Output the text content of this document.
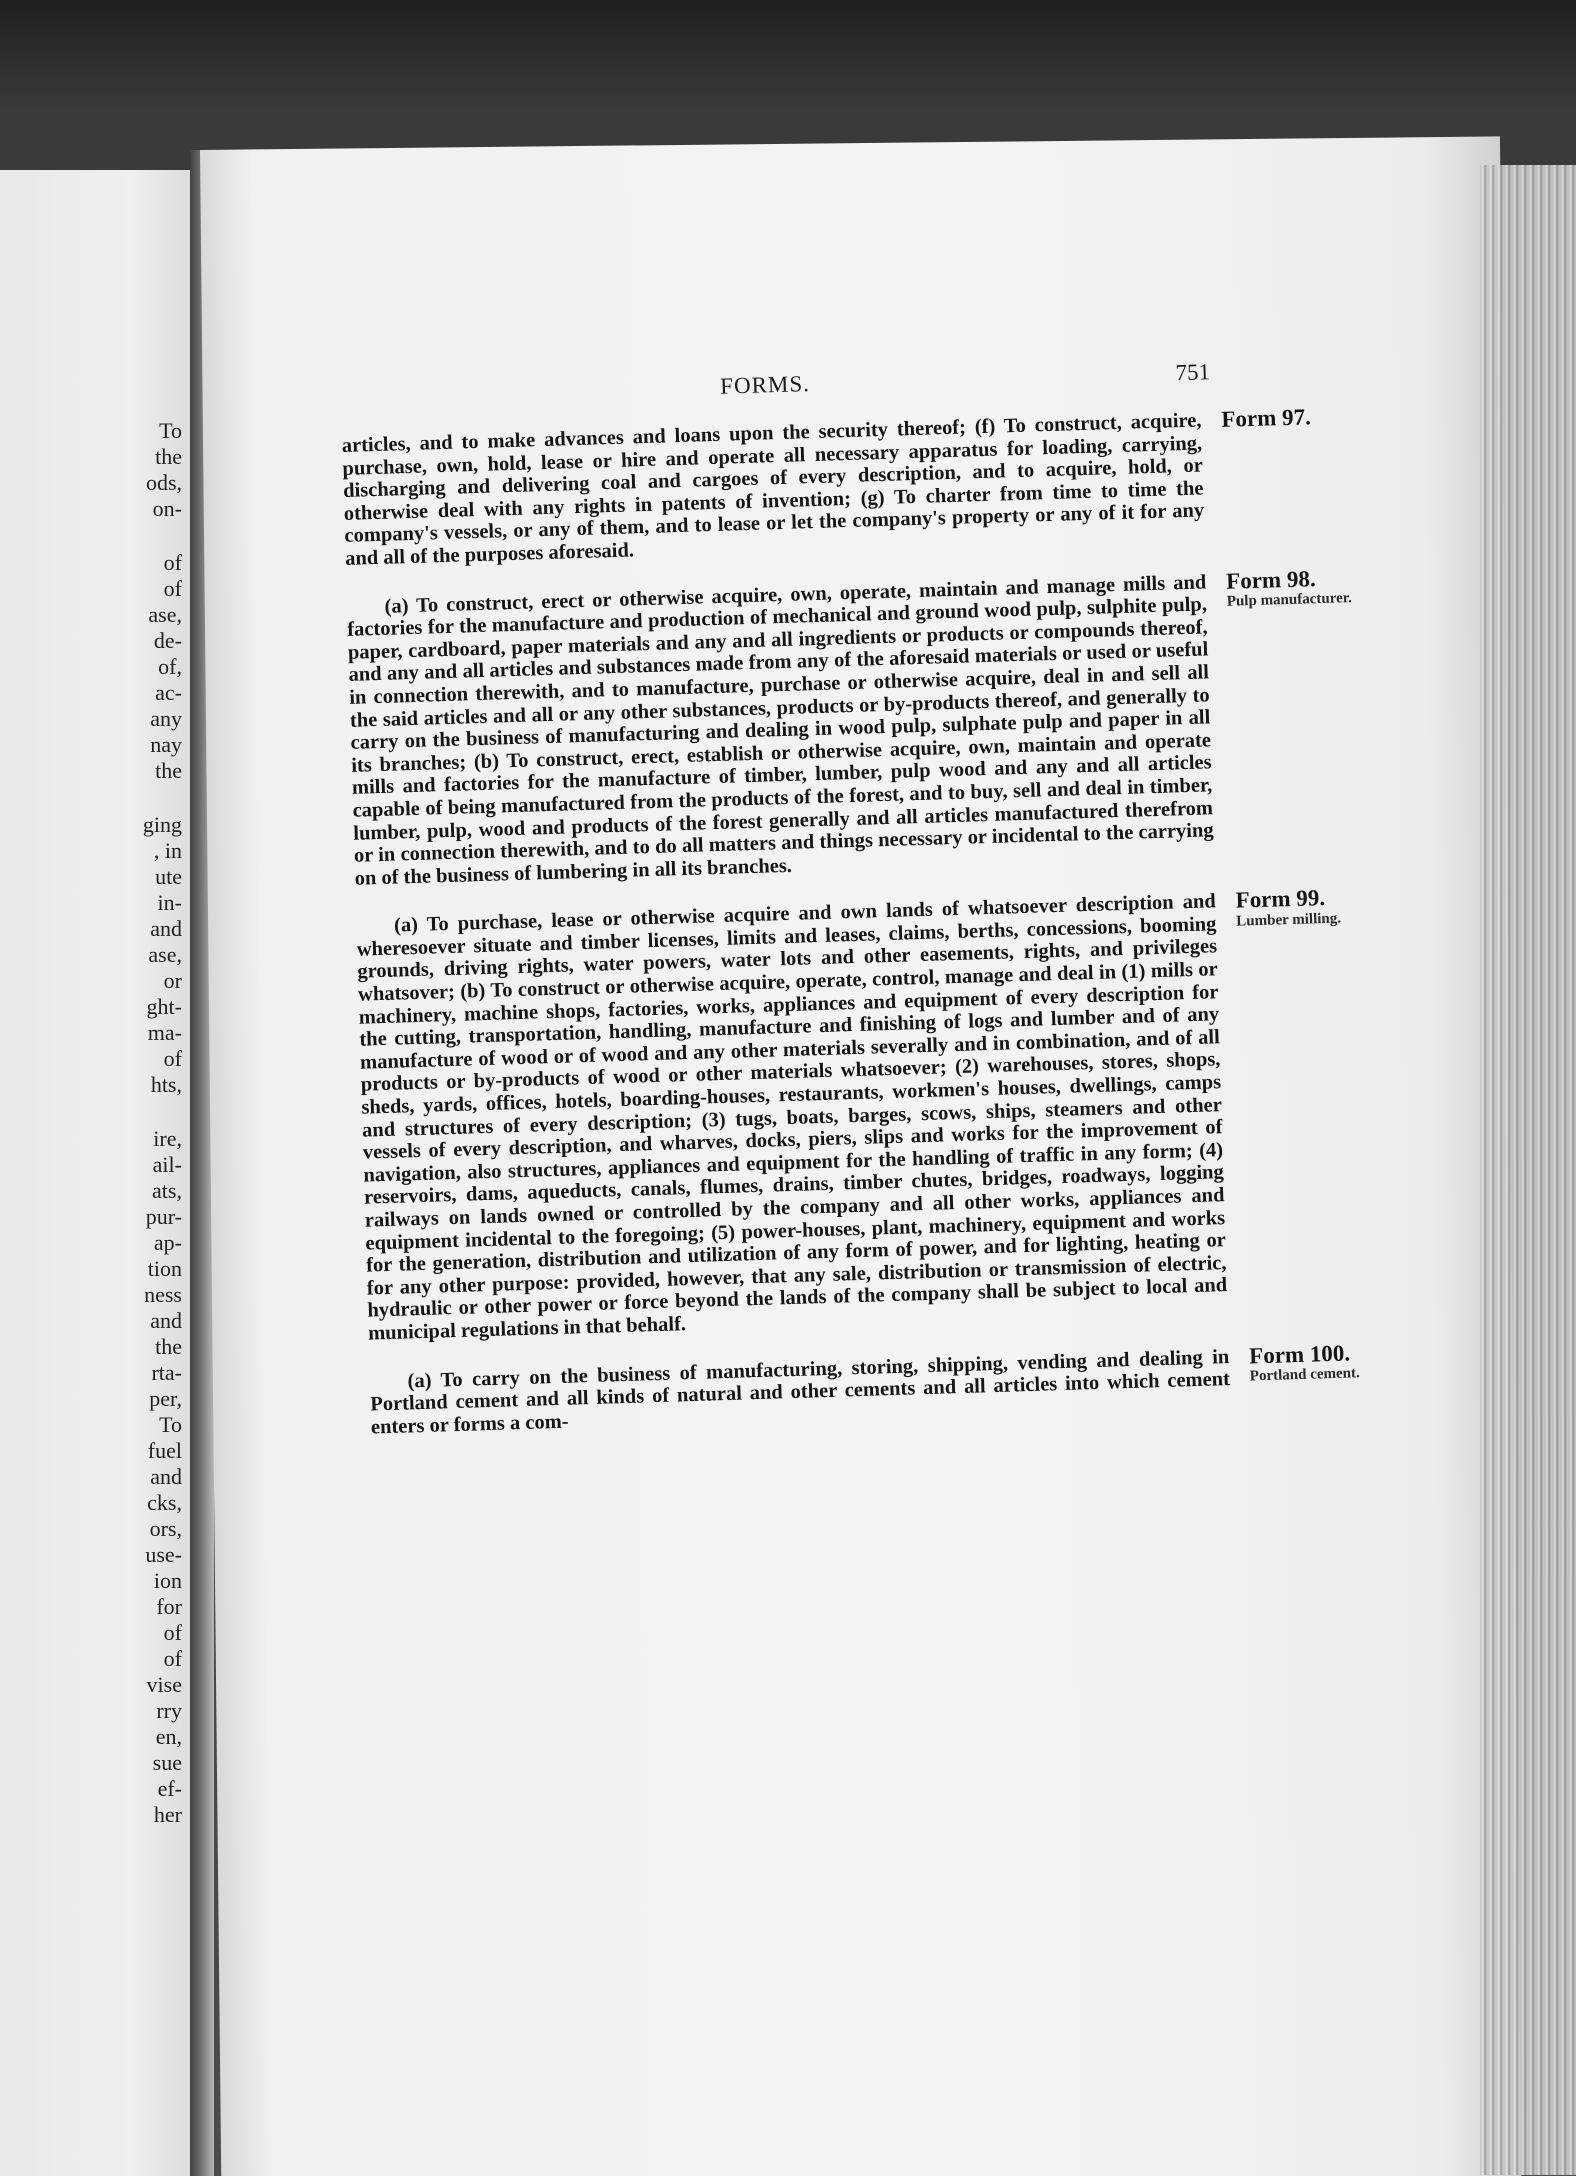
To
the
ods,
on-
of
of
ase,
de-
of,
ac-
any
nay
the
ging
, in
ute
in-
and
ase,
or
ght-
ma-
of
hts,
ire,
ail-
ats,
pur-
ap-
tion
ness
and
the
rta-
per,
To
fuel
and
cks,
ors,
use-
ion
for
of
of
vise
rry
en,
sue
ef-
her
FORMS.	751
articles, and to make advances and loans upon the security thereof; (f) To construct, acquire, purchase, own, hold, lease or hire and operate all necessary apparatus for loading, carrying, discharging and delivering coal and cargoes of every description, and to acquire, hold, or otherwise deal with any rights in patents of invention; (g) To charter from time to time the company's vessels, or any of them, and to lease or let the company's property or any of it for any and all of the purposes aforesaid.
Form 97.
(a) To construct, erect or otherwise acquire, own, operate, maintain and manage mills and factories for the manufacture and production of mechanical and ground wood pulp, sulphite pulp, paper, cardboard, paper materials and any and all ingredients or products or compounds thereof, and any and all articles and substances made from any of the aforesaid materials or used or useful in connection therewith, and to manufacture, purchase or otherwise acquire, deal in and sell all the said articles and all or any other substances, products or by-products thereof, and generally to carry on the business of manufacturing and dealing in wood pulp, sulphate pulp and paper in all its branches; (b) To construct, erect, establish or otherwise acquire, own, maintain and operate mills and factories for the manufacture of timber, lumber, pulp wood and any and all articles capable of being manufactured from the products of the forest, and to buy, sell and deal in timber, lumber, pulp, wood and products of the forest generally and all articles manufactured therefrom or in connection therewith, and to do all matters and things necessary or incidental to the carrying on of the business of lumbering in all its branches.
Form 98.
Pulp manufacturer.
(a) To purchase, lease or otherwise acquire and own lands of whatsoever description and wheresoever situate and timber licenses, limits and leases, claims, berths, concessions, booming grounds, driving rights, water powers, water lots and other easements, rights, and privileges whatsover; (b) To construct or otherwise acquire, operate, control, manage and deal in (1) mills or machinery, machine shops, factories, works, appliances and equipment of every description for the cutting, transportation, handling, manufacture and finishing of logs and lumber and of any manufacture of wood or of wood and any other materials severally and in combination, and of all products or by-products of wood or other materials whatsoever; (2) warehouses, stores, shops, sheds, yards, offices, hotels, boarding-houses, restaurants, workmen's houses, dwellings, camps and structures of every description; (3) tugs, boats, barges, scows, ships, steamers and other vessels of every description, and wharves, docks, piers, slips and works for the improvement of navigation, also structures, appliances and equipment for the handling of traffic in any form; (4) reservoirs, dams, aqueducts, canals, flumes, drains, timber chutes, bridges, roadways, logging railways on lands owned or controlled by the company and all other works, appliances and equipment incidental to the foregoing; (5) power-houses, plant, machinery, equipment and works for the generation, distribution and utilization of any form of power, and for lighting, heating or for any other purpose: provided, however, that any sale, distribution or transmission of electric, hydraulic or other power or force beyond the lands of the company shall be subject to local and municipal regulations in that behalf.
Form 99.
Lumber milling.
(a) To carry on the business of manufacturing, storing, shipping, vending and dealing in Portland cement and all kinds of natural and other cements and all articles into which cement enters or forms a com-
Form 100.
Portland cement.
